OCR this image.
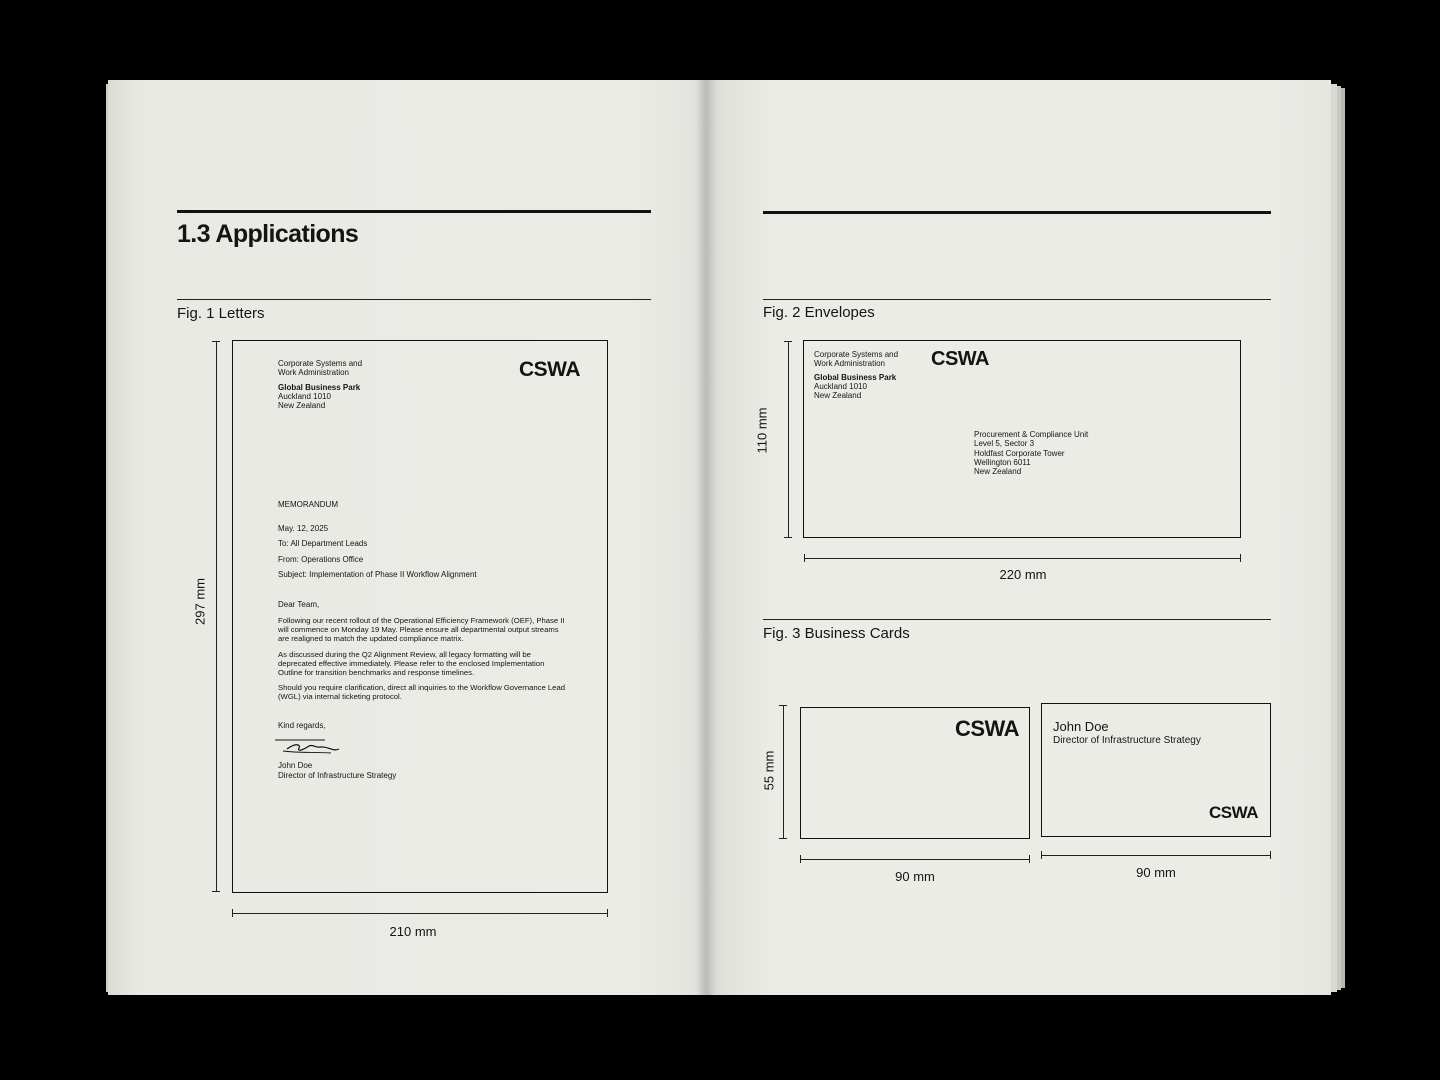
1.3 Applications
Fig. 1 Letters
297 mm
Corporate Systems and
Work Administration
Global Business Park
Auckland 1010
New Zealand
CSWA
MEMORANDUM
May. 12, 2025
To: All Department Leads
From: Operations Office
Subject: Implementation of Phase II Workflow Alignment
Dear Team,
Following our recent rollout of the Operational Efficiency Framework (OEF), Phase II will commence on Monday 19 May. Please ensure all departmental output streams are realigned to match the updated compliance matrix.
As discussed during the Q2 Alignment Review, all legacy formatting will be deprecated effective immediately. Please refer to the enclosed Implementation Outline for transition benchmarks and response timelines.
Should you require clarification, direct all inquiries to the Workflow Governance Lead (WGL) via internal ticketing protocol.
Kind regards,
John Doe
Director of Infrastructure Strategy
210 mm
Fig. 2 Envelopes
110 mm
Corporate Systems and
Work Administration
Global Business Park
Auckland 1010
New Zealand
CSWA
Procurement & Compliance Unit
Level 5, Sector 3
Holdfast Corporate Tower
Wellington 6011
New Zealand
220 mm
Fig. 3 Business Cards
55 mm
CSWA	John Doe
Director of Infrastructure Strategy
CSWA
90 mm	90 mm
